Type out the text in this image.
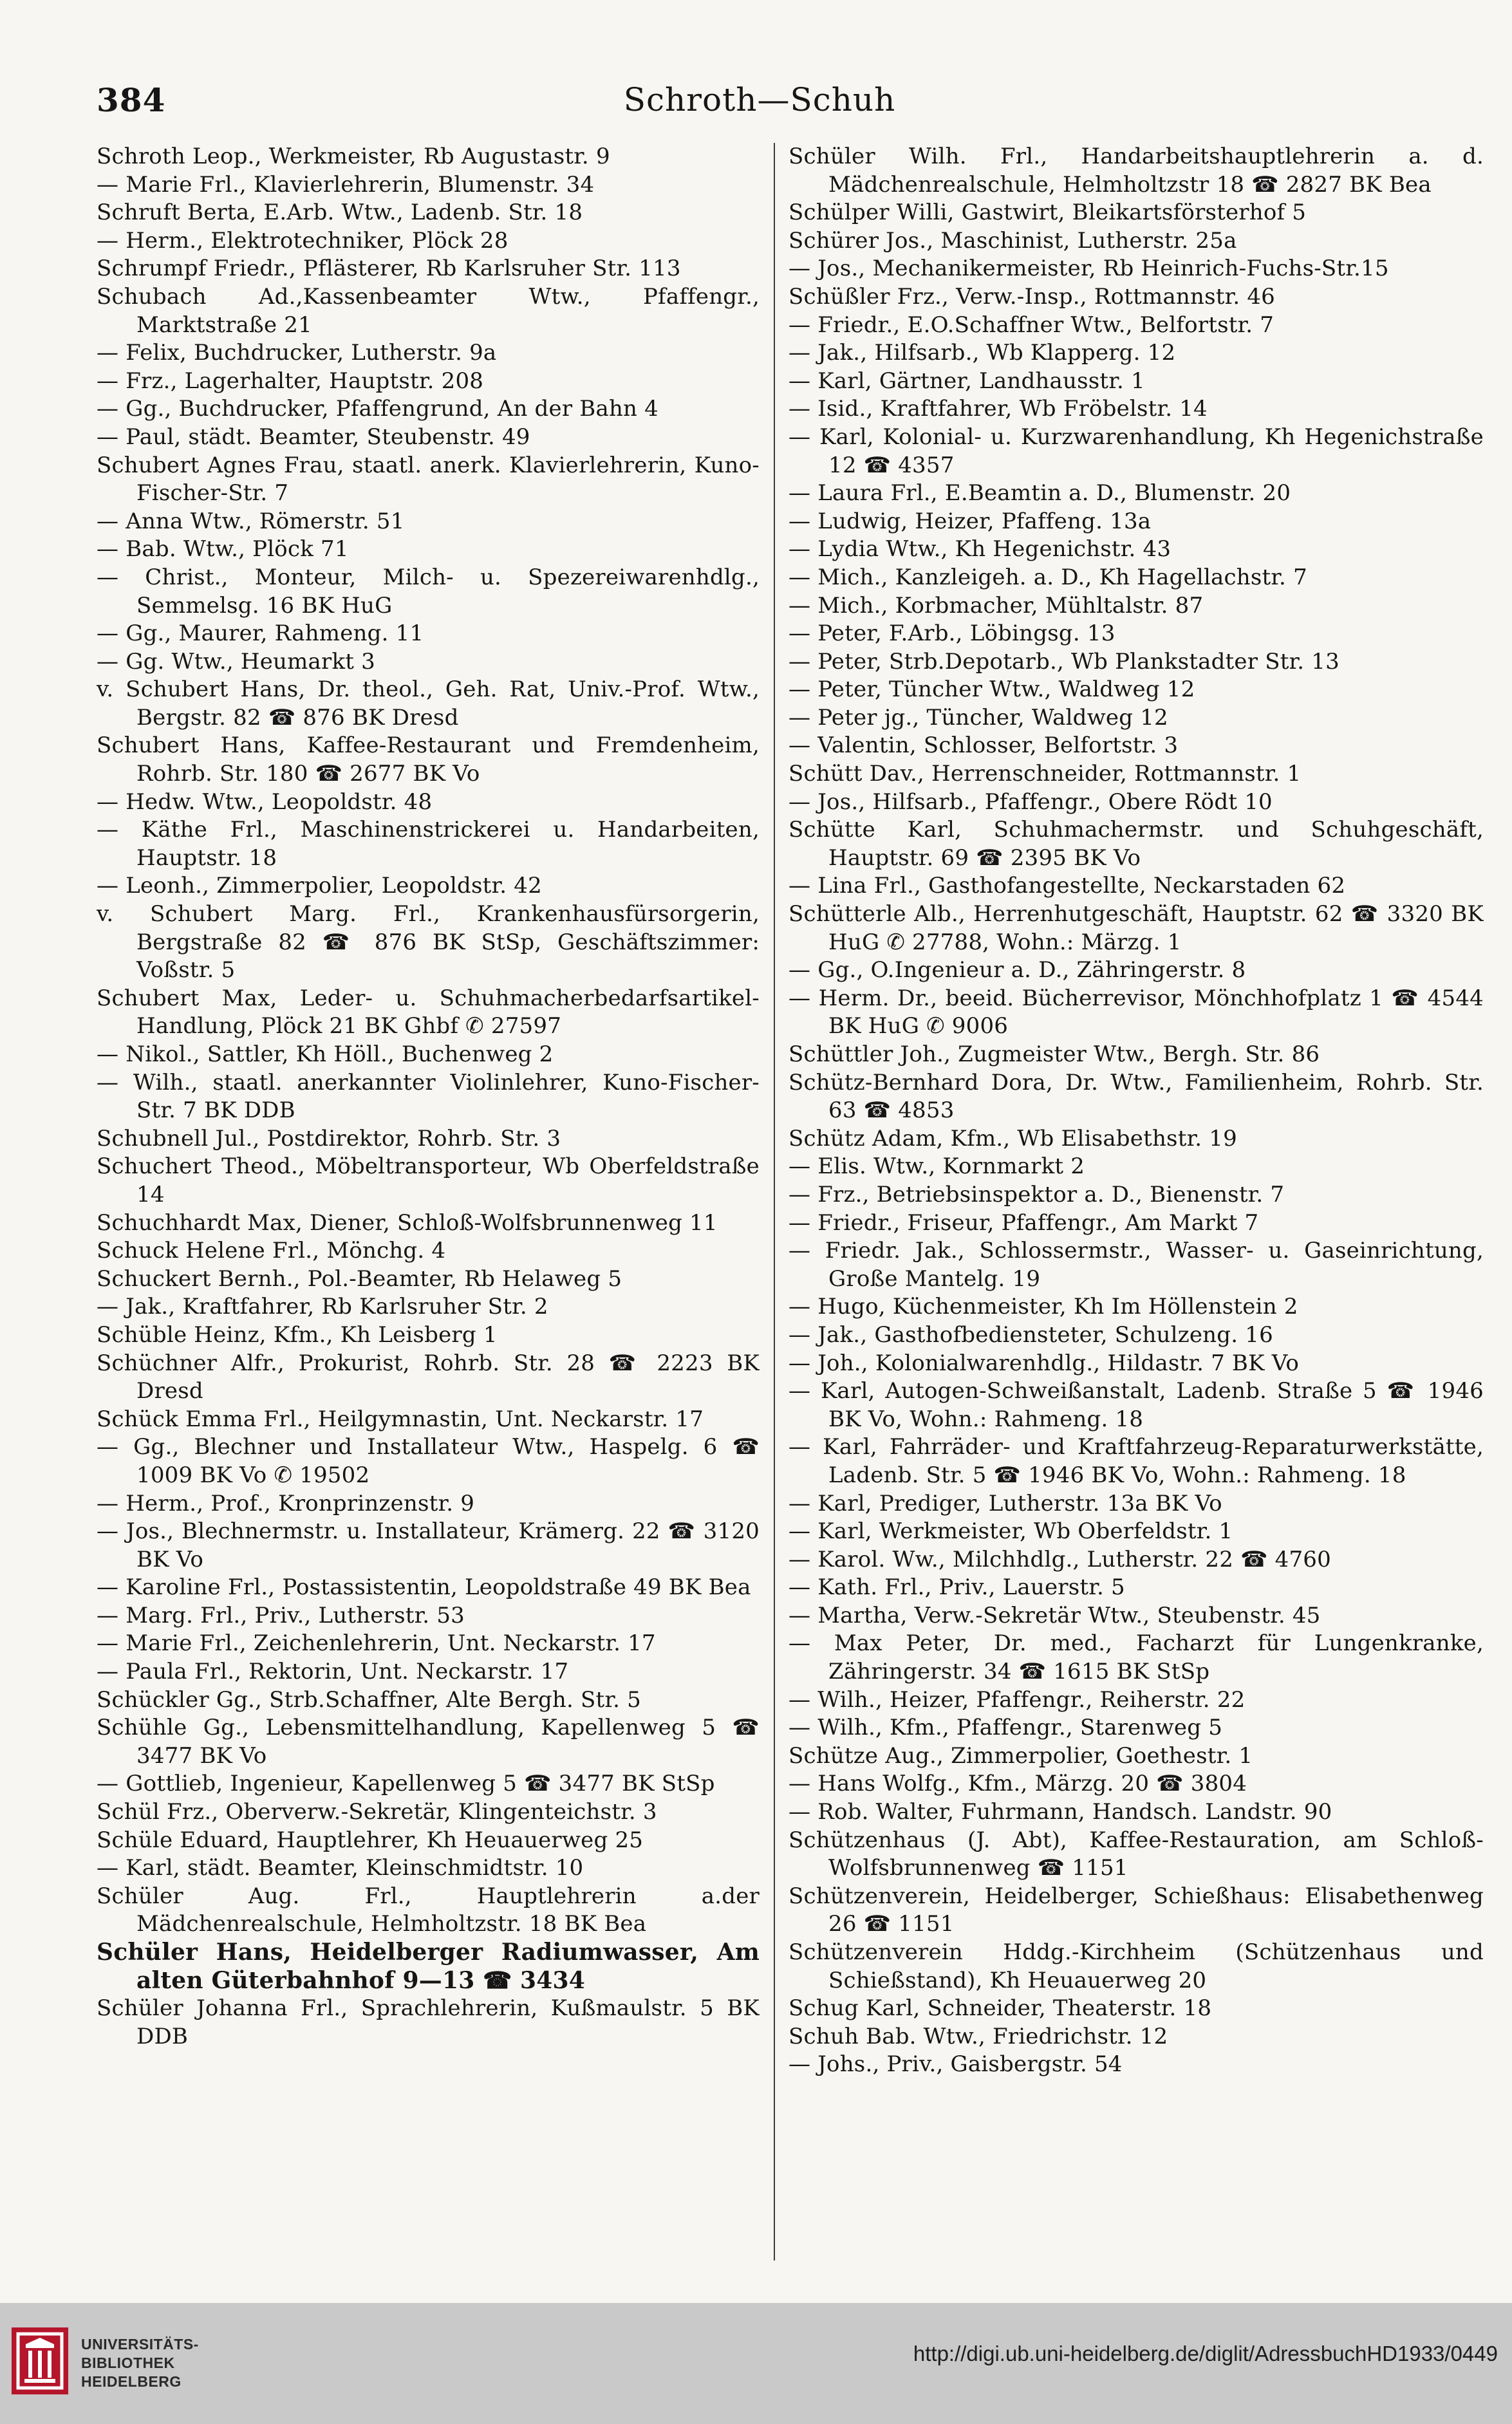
384	Schroth—Schuh
Schroth Leop., Werkmeister, Rb Augustastr. 9
— Marie Frl., Klavierlehrerin, Blumenstr. 34
Schruft Berta, E.Arb. Wtw., Ladenb. Str. 18
— Herm., Elektrotechniker, Plöck 28
Schrumpf Friedr., Pflästerer, Rb Karlsruher Str. 113
Schubach Ad.,Kassenbeamter Wtw., Pfaffengr., Marktstraße 21
— Felix, Buchdrucker, Lutherstr. 9a
— Frz., Lagerhalter, Hauptstr. 208
— Gg., Buchdrucker, Pfaffengrund, An der Bahn 4
— Paul, städt. Beamter, Steubenstr. 49
Schubert Agnes Frau, staatl. anerk. Klavierlehrerin, Kuno-Fischer-Str. 7
— Anna Wtw., Römerstr. 51
— Bab. Wtw., Plöck 71
— Christ., Monteur, Milch- u. Spezereiwarenhdlg., Semmelsg. 16 BK HuG
— Gg., Maurer, Rahmeng. 11
— Gg. Wtw., Heumarkt 3
v. Schubert Hans, Dr. theol., Geh. Rat, Univ.-Prof. Wtw., Bergstr. 82 ☎ 876 BK Dresd
Schubert Hans, Kaffee-Restaurant und Fremdenheim, Rohrb. Str. 180 ☎ 2677 BK Vo
— Hedw. Wtw., Leopoldstr. 48
— Käthe Frl., Maschinenstrickerei u. Handarbeiten, Hauptstr. 18
— Leonh., Zimmerpolier, Leopoldstr. 42
v. Schubert Marg. Frl., Krankenhausfürsorgerin, Bergstraße 82 ☎ 876 BK StSp, Geschäftszimmer: Voßstr. 5
Schubert Max, Leder- u. Schuhmacherbedarfsartikel-Handlung, Plöck 21 BK Ghbf ✆ 27597
— Nikol., Sattler, Kh Höll., Buchenweg 2
— Wilh., staatl. anerkannter Violinlehrer, Kuno-Fischer-Str. 7 BK DDB
Schubnell Jul., Postdirektor, Rohrb. Str. 3
Schuchert Theod., Möbeltransporteur, Wb Oberfeldstraße 14
Schuchhardt Max, Diener, Schloß-Wolfsbrunnenweg 11
Schuck Helene Frl., Mönchg. 4
Schuckert Bernh., Pol.-Beamter, Rb Helaweg 5
— Jak., Kraftfahrer, Rb Karlsruher Str. 2
Schüble Heinz, Kfm., Kh Leisberg 1
Schüchner Alfr., Prokurist, Rohrb. Str. 28 ☎ 2223 BK Dresd
Schück Emma Frl., Heilgymnastin, Unt. Neckarstr. 17
— Gg., Blechner und Installateur Wtw., Haspelg. 6 ☎ 1009 BK Vo ✆ 19502
— Herm., Prof., Kronprinzenstr. 9
— Jos., Blechnermstr. u. Installateur, Krämerg. 22 ☎ 3120 BK Vo
— Karoline Frl., Postassistentin, Leopoldstraße 49 BK Bea
— Marg. Frl., Priv., Lutherstr. 53
— Marie Frl., Zeichenlehrerin, Unt. Neckarstr. 17
— Paula Frl., Rektorin, Unt. Neckarstr. 17
Schückler Gg., Strb.Schaffner, Alte Bergh. Str. 5
Schühle Gg., Lebensmittelhandlung, Kapellenweg 5 ☎ 3477 BK Vo
— Gottlieb, Ingenieur, Kapellenweg 5 ☎ 3477 BK StSp
Schül Frz., Oberverw.-Sekretär, Klingenteichstr. 3
Schüle Eduard, Hauptlehrer, Kh Heuauerweg 25
— Karl, städt. Beamter, Kleinschmidtstr. 10
Schüler Aug. Frl., Hauptlehrerin a.der Mädchenrealschule, Helmholtzstr. 18 BK Bea
Schüler Hans, Heidelberger Radiumwasser, Am alten Güterbahnhof 9—13 ☎ 3434
Schüler Johanna Frl., Sprachlehrerin, Kußmaulstr. 5 BK DDB
Schüler Wilh. Frl., Handarbeitshauptlehrerin a. d. Mädchenrealschule, Helmholtzstr 18 ☎ 2827 BK Bea
Schülper Willi, Gastwirt, Bleikartsförsterhof 5
Schürer Jos., Maschinist, Lutherstr. 25a
— Jos., Mechanikermeister, Rb Heinrich-Fuchs-Str.15
Schüßler Frz., Verw.-Insp., Rottmannstr. 46
— Friedr., E.O.Schaffner Wtw., Belfortstr. 7
— Jak., Hilfsarb., Wb Klapperg. 12
— Karl, Gärtner, Landhausstr. 1
— Isid., Kraftfahrer, Wb Fröbelstr. 14
— Karl, Kolonial- u. Kurzwarenhandlung, Kh Hegenichstraße 12 ☎ 4357
— Laura Frl., E.Beamtin a. D., Blumenstr. 20
— Ludwig, Heizer, Pfaffeng. 13a
— Lydia Wtw., Kh Hegenichstr. 43
— Mich., Kanzleigeh. a. D., Kh Hagellachstr. 7
— Mich., Korbmacher, Mühltalstr. 87
— Peter, F.Arb., Löbingsg. 13
— Peter, Strb.Depotarb., Wb Plankstadter Str. 13
— Peter, Tüncher Wtw., Waldweg 12
— Peter jg., Tüncher, Waldweg 12
— Valentin, Schlosser, Belfortstr. 3
Schütt Dav., Herrenschneider, Rottmannstr. 1
— Jos., Hilfsarb., Pfaffengr., Obere Rödt 10
Schütte Karl, Schuhmachermstr. und Schuhgeschäft, Hauptstr. 69 ☎ 2395 BK Vo
— Lina Frl., Gasthofangestellte, Neckarstaden 62
Schütterle Alb., Herrenhutgeschäft, Hauptstr. 62 ☎ 3320 BK HuG ✆ 27788, Wohn.: Märzg. 1
— Gg., O.Ingenieur a. D., Zähringerstr. 8
— Herm. Dr., beeid. Bücherrevisor, Mönchhofplatz 1 ☎ 4544 BK HuG ✆ 9006
Schüttler Joh., Zugmeister Wtw., Bergh. Str. 86
Schütz-Bernhard Dora, Dr. Wtw., Familienheim, Rohrb. Str. 63 ☎ 4853
Schütz Adam, Kfm., Wb Elisabethstr. 19
— Elis. Wtw., Kornmarkt 2
— Frz., Betriebsinspektor a. D., Bienenstr. 7
— Friedr., Friseur, Pfaffengr., Am Markt 7
— Friedr. Jak., Schlossermstr., Wasser- u. Gaseinrichtung, Große Mantelg. 19
— Hugo, Küchenmeister, Kh Im Höllenstein 2
— Jak., Gasthofbediensteter, Schulzeng. 16
— Joh., Kolonialwarenhdlg., Hildastr. 7 BK Vo
— Karl, Autogen-Schweißanstalt, Ladenb. Straße 5 ☎ 1946 BK Vo, Wohn.: Rahmeng. 18
— Karl, Fahrräder- und Kraftfahrzeug-Reparaturwerkstätte, Ladenb. Str. 5 ☎ 1946 BK Vo, Wohn.: Rahmeng. 18
— Karl, Prediger, Lutherstr. 13a BK Vo
— Karl, Werkmeister, Wb Oberfeldstr. 1
— Karol. Ww., Milchhdlg., Lutherstr. 22 ☎ 4760
— Kath. Frl., Priv., Lauerstr. 5
— Martha, Verw.-Sekretär Wtw., Steubenstr. 45
— Max Peter, Dr. med., Facharzt für Lungenkranke, Zähringerstr. 34 ☎ 1615 BK StSp
— Wilh., Heizer, Pfaffengr., Reiherstr. 22
— Wilh., Kfm., Pfaffengr., Starenweg 5
Schütze Aug., Zimmerpolier, Goethestr. 1
— Hans Wolfg., Kfm., Märzg. 20 ☎ 3804
— Rob. Walter, Fuhrmann, Handsch. Landstr. 90
Schützenhaus (J. Abt), Kaffee-Restauration, am Schloß-Wolfsbrunnenweg ☎ 1151
Schützenverein, Heidelberger, Schießhaus: Elisabethenweg 26 ☎ 1151
Schützenverein Hddg.-Kirchheim (Schützenhaus und Schießstand), Kh Heuauerweg 20
Schug Karl, Schneider, Theaterstr. 18
Schuh Bab. Wtw., Friedrichstr. 12
— Johs., Priv., Gaisbergstr. 54
UNIVERSITÄTS-
BIBLIOTHEK
HEIDELBERG
http://digi.ub.uni-heidelberg.de/diglit/AdressbuchHD1933/0449
